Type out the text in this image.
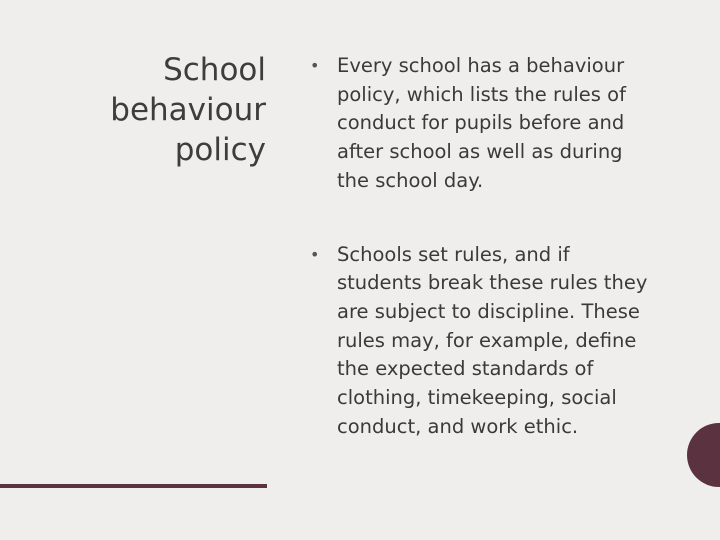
School
behaviour
policy
• Every school has a behaviour
policy, which lists the rules of
conduct for pupils before and
after school as well as during
the school day.
• Schools set rules, and if
students break these rules they
are subject to discipline. These
rules may, for example, define
the expected standards of
clothing, timekeeping, social
conduct, and work ethic.
